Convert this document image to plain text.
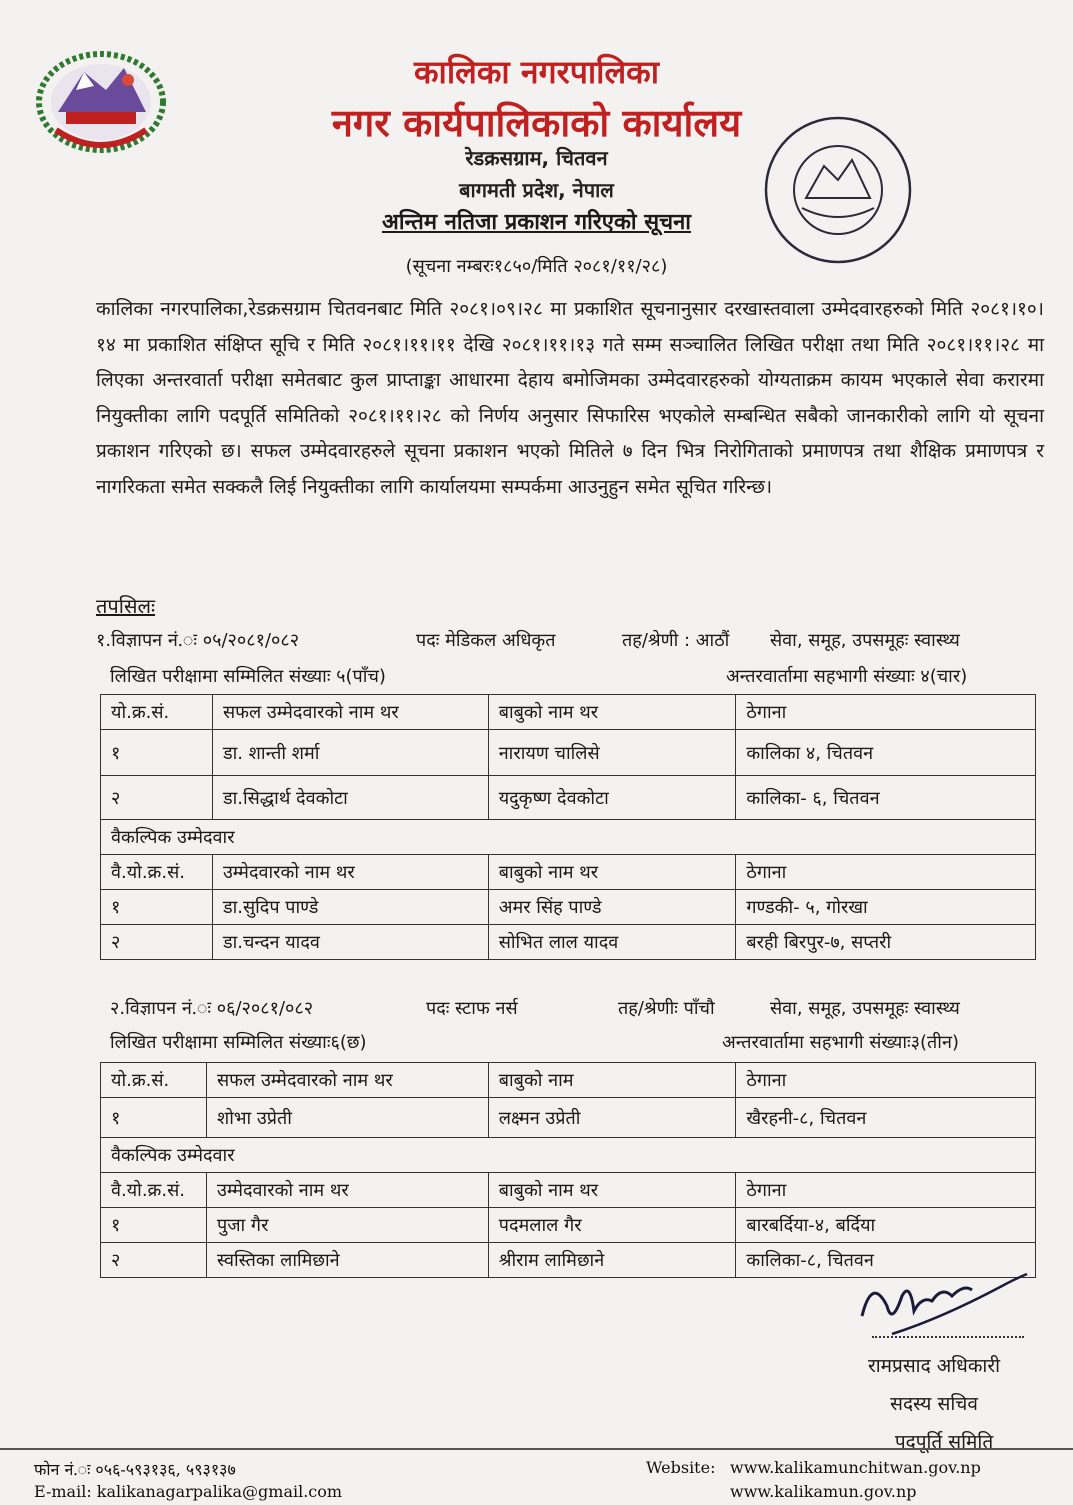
कालिका नगरपालिका
नगर कार्यपालिकाको कार्यालय
रेडक्रसग्राम, चितवन
बागमती प्रदेश, नेपाल
अन्तिम नतिजा प्रकाशन गरिएको सूचना
(सूचना नम्बरः१८५०/मिति २०८१/११/२८)
कालिका नगरपालिका,रेडक्रसग्राम चितवनबाट मिति २०८१।०९।२८ मा प्रकाशित सूचनानुसार दरखास्तवाला उम्मेदवारहरुको मिति २०८१।१०।१४ मा प्रकाशित संक्षिप्त सूचि र मिति २०८१।११।११ देखि २०८१।११।१३ गते सम्म सञ्चालित लिखित परीक्षा तथा मिति २०८१।११।२८ मा लिएका अन्तरवार्ता परीक्षा समेतबाट कुल प्राप्ताङ्का आधारमा देहाय बमोजिमका उम्मेदवारहरुको योग्यताक्रम कायम भएकाले सेवा करारमा नियुक्तीका लागि पदपूर्ति समितिको २०८१।११।२८ को निर्णय अनुसार सिफारिस भएकोले सम्बन्धित सबैको जानकारीको लागि यो सूचना प्रकाशन गरिएको छ। सफल उम्मेदवारहरुले सूचना प्रकाशन भएको मितिले ७ दिन भित्र निरोगिताको प्रमाणपत्र तथा शैक्षिक प्रमाणपत्र र नागरिकता समेत सक्कलै लिई नियुक्तीका लागि कार्यालयमा सम्पर्कमा आउनुहुन समेत सूचित गरिन्छ।
तपसिलः
१.विज्ञापन नं.ः ०५/२०८१/०८२	पदः मेडिकल अधिकृत	तह/श्रेणी : आठौं सेवा, समूह, उपसमूहः स्वास्थ्य
लिखित परीक्षामा सम्मिलित संख्याः ५(पाँच)	अन्तरवार्तामा सहभागी संख्याः ४(चार)
यो.क्र.सं.	सफल उम्मेदवारको नाम थर	बाबुको नाम थर	ठेगाना
१	डा. शान्ती शर्मा	नारायण चालिसे	कालिका ४, चितवन
२	डा.सिद्धार्थ देवकोटा	यदुकृष्ण देवकोटा	कालिका- ६, चितवन
वैकल्पिक उम्मेदवार			
वै.यो.क्र.सं.	उम्मेदवारको नाम थर	बाबुको नाम थर	ठेगाना
१	डा.सुदिप पाण्डे	अमर सिंह पाण्डे	गण्डकी- ५, गोरखा
२	डा.चन्दन यादव	सोभित लाल यादव	बरही बिरपुर-७, सप्तरी
२.विज्ञापन नं.ः ०६/२०८१/०८२	पदः स्टाफ नर्स	तह/श्रेणीः पाँचौ	सेवा, समूह, उपसमूहः स्वास्थ्य
लिखित परीक्षामा सम्मिलित संख्याः६(छ)	अन्तरवार्तामा सहभागी संख्याः३(तीन)
यो.क्र.सं.	सफल उम्मेदवारको नाम थर	बाबुको नाम	ठेगाना
१	शोभा उप्रेती	लक्ष्मन उप्रेती	खैरहनी-८, चितवन
वैकल्पिक उम्मेदवार			
वै.यो.क्र.सं.	उम्मेदवारको नाम थर	बाबुको नाम थर	ठेगाना
१	पुजा गैर	पदमलाल गैर	बारबर्दिया-४, बर्दिया
२	स्वस्तिका लामिछाने	श्रीराम लामिछाने	कालिका-८, चितवन
रामप्रसाद अधिकारी
सदस्य सचिव
पदपूर्ति समिति
फोन नं.ः ०५६-५९३१३६, ५९३१३७
E-mail: kalikanagarpalika@gmail.com
Website: www.kalikamunchitwan.gov.np
www.kalikamun.gov.np
